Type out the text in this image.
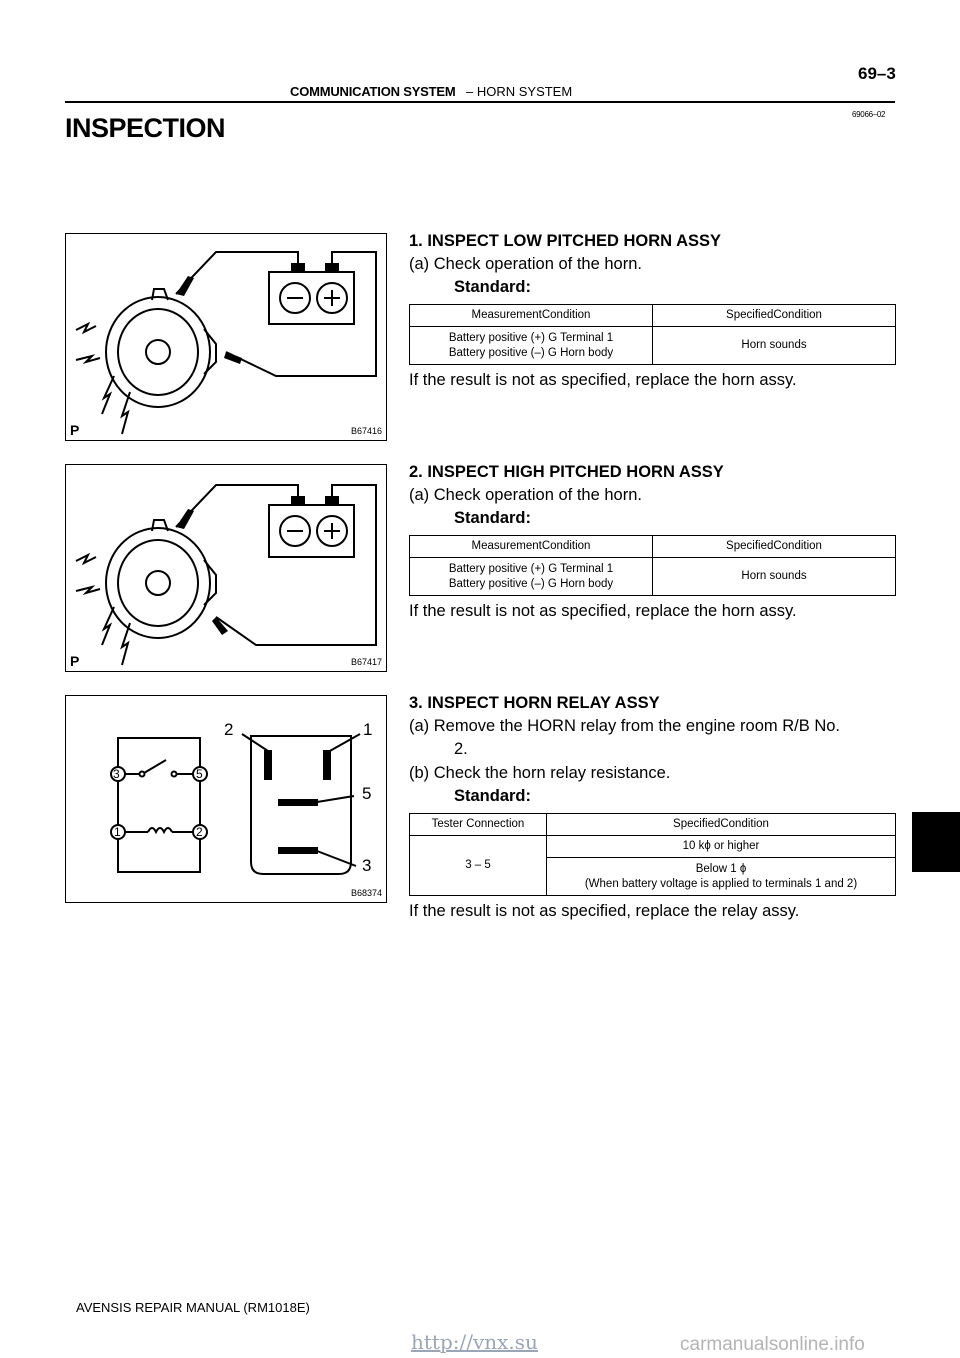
COMMUNICATION SYSTEM – HORN SYSTEM
69–3
69066–02
INSPECTION
P	B67416
P	B67417
3	5
1	2
2	1
5
3
B68374
1. INSPECT LOW PITCHED HORN ASSY
(a) Check operation of the horn.
Standard:
MeasurementCondition	SpecifiedCondition
Battery positive (+) G Terminal 1
Battery positive (–) G Horn body	Horn sounds
If the result is not as specified, replace the horn assy.
2. INSPECT HIGH PITCHED HORN ASSY
(a) Check operation of the horn.
Standard:
MeasurementCondition	SpecifiedCondition
Battery positive (+) G Terminal 1
Battery positive (–) G Horn body	Horn sounds
If the result is not as specified, replace the horn assy.
3. INSPECT HORN RELAY ASSY
(a) Remove the HORN relay from the engine room R/B No.
2.
(b) Check the horn relay resistance.
Standard:
Tester Connection	SpecifiedCondition
3 – 5	10 kϕ or higher
	Below 1 ϕ
(When battery voltage is applied to terminals 1 and 2)
If the result is not as specified, replace the relay assy.
AVENSIS REPAIR MANUAL (RM1018E)
http://vnx.su	carmanualsonline.info
